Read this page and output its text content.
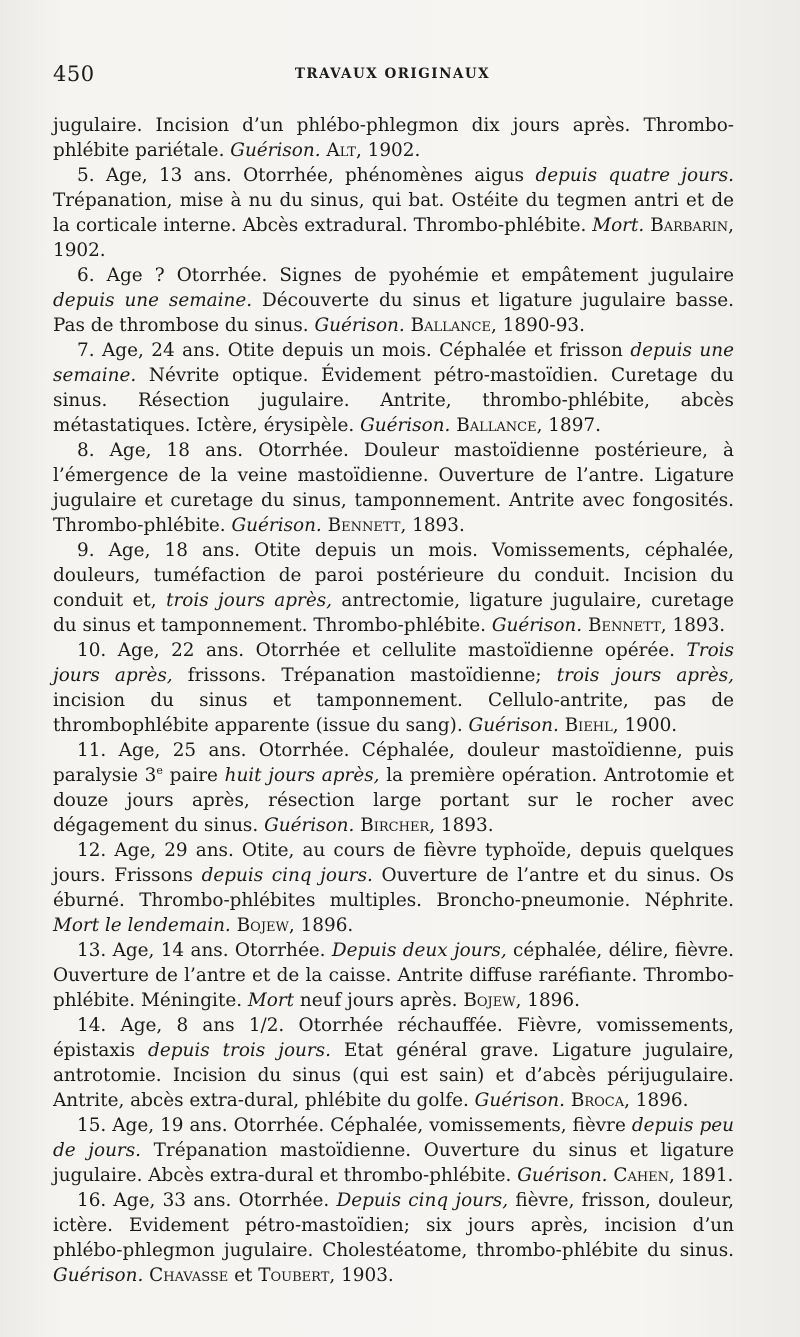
450	TRAVAUX ORIGINAUX

jugulaire. Incision d’un phlébo-phlegmon dix jours après. Thrombo-phlébite pariétale. Guérison. Alt, 1902.

5. Age, 13 ans. Otorrhée, phénomènes aigus depuis quatre jours. Trépanation, mise à nu du sinus, qui bat. Ostéite du tegmen antri et de la corticale interne. Abcès extradural. Thrombo-phlébite. Mort. Barbarin, 1902.

6. Age ? Otorrhée. Signes de pyohémie et empâtement jugulaire depuis une semaine. Découverte du sinus et ligature jugulaire basse. Pas de thrombose du sinus. Guérison. Ballance, 1890-93.

7. Age, 24 ans. Otite depuis un mois. Céphalée et frisson depuis une semaine. Névrite optique. Évidement pétro-mastoïdien. Curetage du sinus. Résection jugulaire. Antrite, thrombo-phlébite, abcès métastatiques. Ictère, érysipèle. Guérison. Ballance, 1897.

8. Age, 18 ans. Otorrhée. Douleur mastoïdienne postérieure, à l’émergence de la veine mastoïdienne. Ouverture de l’antre. Ligature jugulaire et curetage du sinus, tamponnement. Antrite avec fongosités. Thrombo-phlébite. Guérison. Bennett, 1893.

9. Age, 18 ans. Otite depuis un mois. Vomissements, céphalée, douleurs, tuméfaction de paroi postérieure du conduit. Incision du conduit et, trois jours après, antrectomie, ligature jugulaire, curetage du sinus et tamponnement. Thrombo-phlébite. Guérison. Bennett, 1893.

10. Age, 22 ans. Otorrhée et cellulite mastoïdienne opérée. Trois jours après, frissons. Trépanation mastoïdienne; trois jours après, incision du sinus et tamponnement. Cellulo-antrite, pas de thrombophlébite apparente (issue du sang). Guérison. Biehl, 1900.

11. Age, 25 ans. Otorrhée. Céphalée, douleur mastoïdienne, puis paralysie 3e paire huit jours après, la première opération. Antrotomie et douze jours après, résection large portant sur le rocher avec dégagement du sinus. Guérison. Bircher, 1893.

12. Age, 29 ans. Otite, au cours de fièvre typhoïde, depuis quelques jours. Frissons depuis cinq jours. Ouverture de l’antre et du sinus. Os éburné. Thrombo-phlébites multiples. Broncho-pneumonie. Néphrite. Mort le lendemain. Bojew, 1896.

13. Age, 14 ans. Otorrhée. Depuis deux jours, céphalée, délire, fièvre. Ouverture de l’antre et de la caisse. Antrite diffuse raréfiante. Thrombo-phlébite. Méningite. Mort neuf jours après. Bojew, 1896.

14. Age, 8 ans 1/2. Otorrhée réchauffée. Fièvre, vomissements, épistaxis depuis trois jours. Etat général grave. Ligature jugulaire, antrotomie. Incision du sinus (qui est sain) et d’abcès périjugulaire. Antrite, abcès extra-dural, phlébite du golfe. Guérison. Broca, 1896.

15. Age, 19 ans. Otorrhée. Céphalée, vomissements, fièvre depuis peu de jours. Trépanation mastoïdienne. Ouverture du sinus et ligature jugulaire. Abcès extra-dural et thrombo-phlébite. Guérison. Cahen, 1891.

16. Age, 33 ans. Otorrhée. Depuis cinq jours, fièvre, frisson, douleur, ictère. Evidement pétro-mastoïdien; six jours après, incision d’un phlébo-phlegmon jugulaire. Cholestéatome, thrombo-phlébite du sinus. Guérison. Chavasse et Toubert, 1903.
